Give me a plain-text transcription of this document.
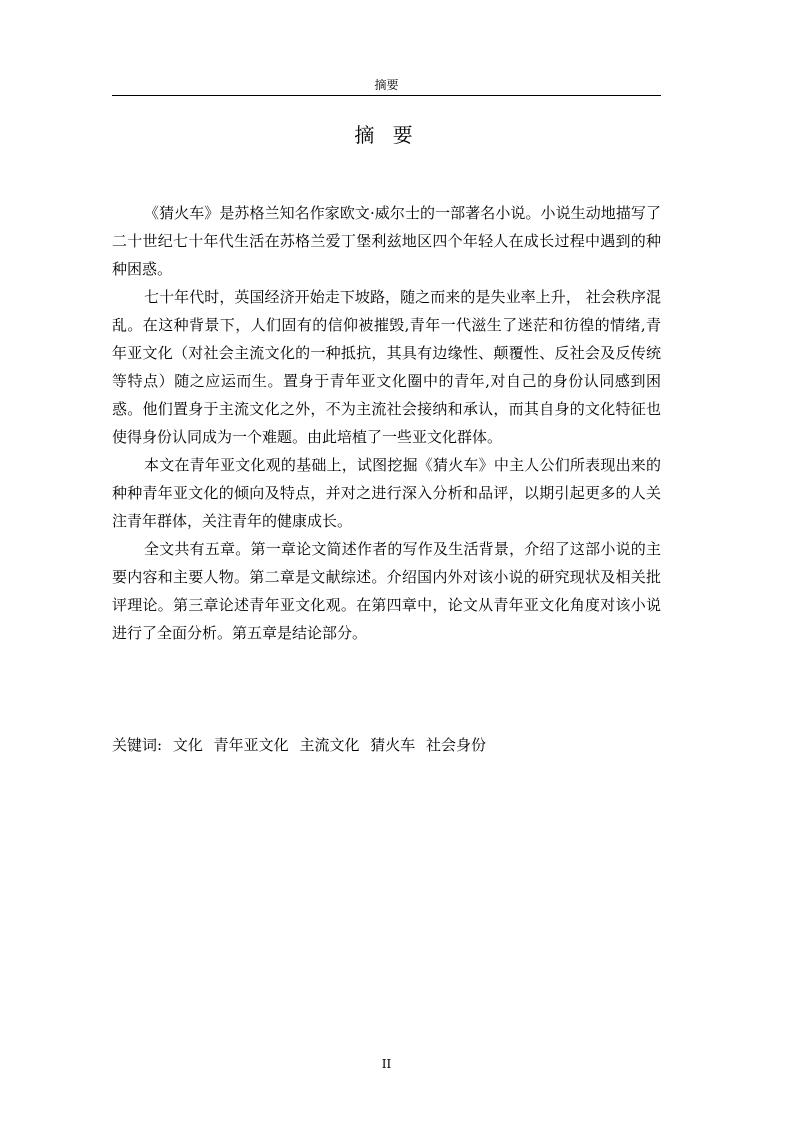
摘要
摘 要

《猜火车》是苏格兰知名作家欧文·威尔士的一部著名小说。小说生动地描写了二十世纪七十年代生活在苏格兰爱丁堡利兹地区四个年轻人在成长过程中遇到的种种困惑。

七十年代时，英国经济开始走下坡路，随之而来的是失业率上升， 社会秩序混乱。在这种背景下，人们固有的信仰被摧毁,青年一代滋生了迷茫和彷徨的情绪,青年亚文化（对社会主流文化的一种抵抗，其具有边缘性、颠覆性、反社会及反传统等特点）随之应运而生。置身于青年亚文化圈中的青年,对自己的身份认同感到困惑。他们置身于主流文化之外，不为主流社会接纳和承认，而其自身的文化特征也使得身份认同成为一个难题。由此培植了一些亚文化群体。

本文在青年亚文化观的基础上，试图挖掘《猜火车》中主人公们所表现出来的种种青年亚文化的倾向及特点，并对之进行深入分析和品评，以期引起更多的人关注青年群体，关注青年的健康成长。

全文共有五章。第一章论文简述作者的写作及生活背景，介绍了这部小说的主要内容和主要人物。第二章是文献综述。介绍国内外对该小说的研究现状及相关批评理论。第三章论述青年亚文化观。在第四章中，论文从青年亚文化角度对该小说进行了全面分析。第五章是结论部分。

关键词: 文化 青年亚文化 主流文化 猜火车 社会身份
II
